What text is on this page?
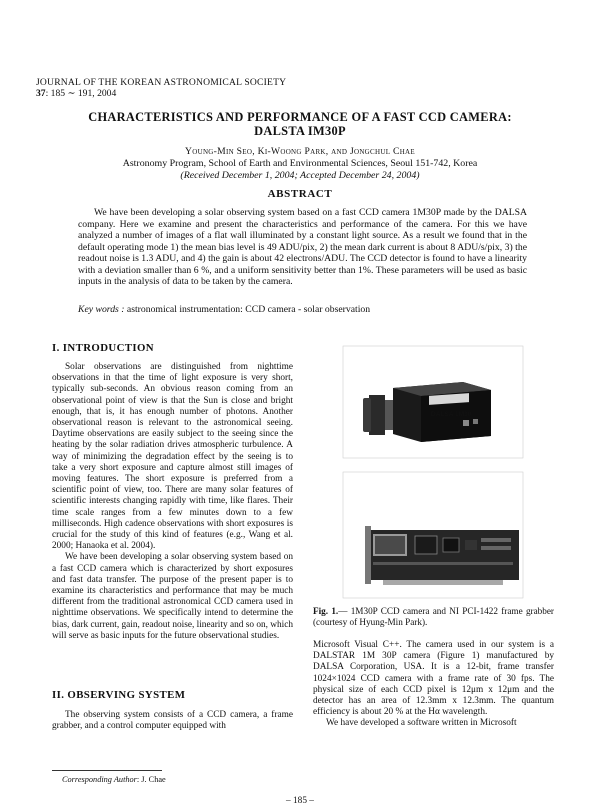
JOURNAL OF THE KOREAN ASTRONOMICAL SOCIETY
37: 185 ∼ 191, 2004
CHARACTERISTICS AND PERFORMANCE OF A FAST CCD CAMERA:
DALSTA IM30P
Young-Min Seo, Ki-Woong Park, and Jongchul Chae
Astronomy Program, School of Earth and Environmental Sciences, Seoul 151-742, Korea
(Received December 1, 2004; Accepted December 24, 2004)
ABSTRACT

We have been developing a solar observing system based on a fast CCD camera 1M30P made by the DALSA company. Here we examine and present the characteristics and performance of the camera. For this we have analyzed a number of images of a flat wall illuminated by a constant light source. As a result we found that in the default operating mode 1) the mean bias level is 49 ADU/pix, 2) the mean dark current is about 8 ADU/s/pix, 3) the readout noise is 1.3 ADU, and 4) the gain is about 42 electrons/ADU. The CCD detector is found to have a linearity with a deviation smaller than 6 %, and a uniform sensitivity better than 1%. These parameters will be used as basic inputs in the analysis of data to be taken by the camera.

Key words : astronomical instrumentation: CCD camera - solar observation
I. INTRODUCTION

Solar observations are distinguished from nighttime observations in that the time of light exposure is very short, typically sub-seconds. An obvious reason coming from an observational point of view is that the Sun is close and bright enough, that is, it has enough number of photons. Another observational reason is relevant to the astronomical seeing. Daytime observations are easily subject to the seeing since the heating by the solar radiation drives atmospheric turbulence. A way of minimizing the degradation effect by the seeing is to take a very short exposure and capture almost still images of moving features. The short exposure is preferred from a scientific point of view, too. There are many solar features of scientific interests changing rapidly with time, like flares. Their time scale ranges from a few minutes down to a few milliseconds. High cadence observations with short exposures is crucial for the study of this kind of features (e.g., Wang et al. 2000; Hanaoka et al. 2004).

We have been developing a solar observing system based on a fast CCD camera which is characterized by short exposures and fast data transfer. The purpose of the present paper is to examine its characteristics and performance that may be much different from the traditional astronomical CCD camera used in nighttime observations. We specifically intend to determine the bias, dark current, gain, readout noise, linearity and so on, which will serve as basic inputs for the future observational studies.

II. OBSERVING SYSTEM

The observing system consists of a CCD camera, a frame grabber, and a control computer equipped with

Corresponding Author: J. Chae
DALSA 1M30
Fig. 1.— 1M30P CCD camera and NI PCI-1422 frame grabber (courtesy of Hyung-Min Park).

Microsoft Visual C++. The camera used in our system is a DALSTAR 1M 30P camera (Figure 1) manufactured by DALSA Corporation, USA. It is a 12-bit, frame transfer 1024×1024 CCD camera with a frame rate of 30 fps. The physical size of each CCD pixel is 12μm x 12μm and the detector has an area of 12.3mm x 12.3mm. The quantum efficiency is about 20 % at the Hα wavelength.

We have developed a software written in Microsoft

– 185 –
